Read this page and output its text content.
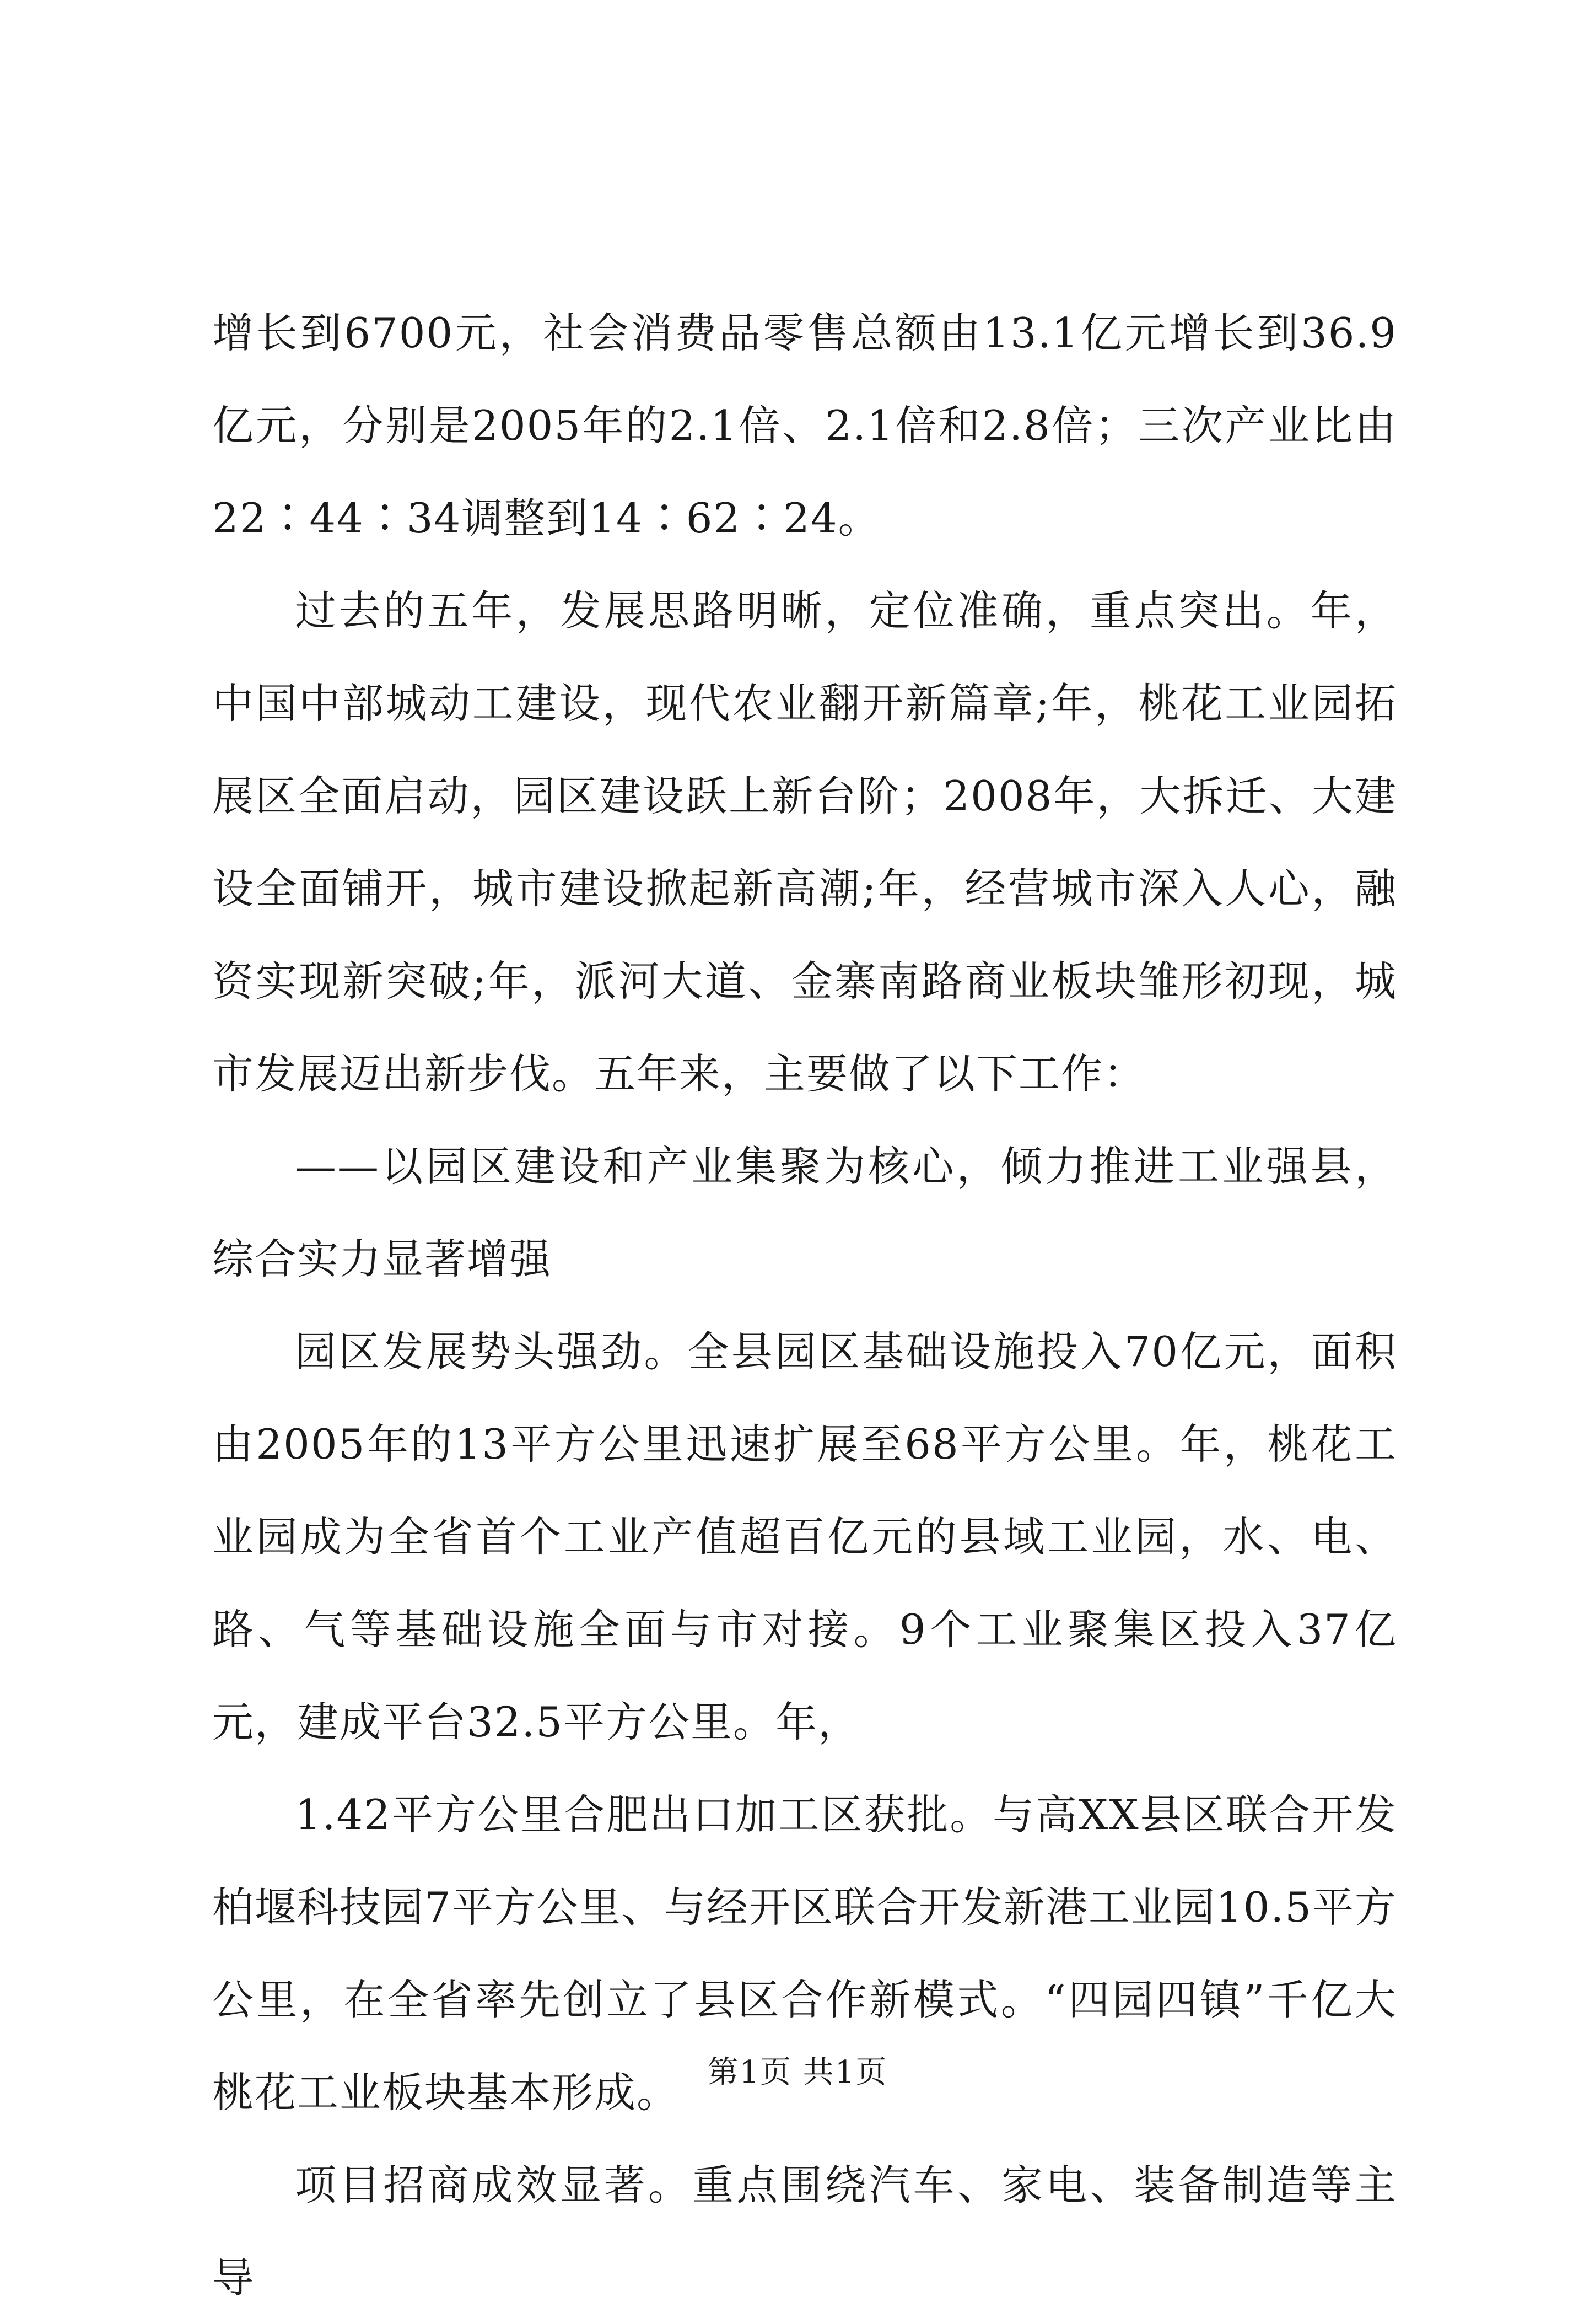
增长到6700元，社会消费品零售总额由13.1亿元增长到36.9亿元，分别是2005年的2.1倍、2.1倍和2.8倍；三次产业比由22∶44∶34调整到14∶62∶24。

过去的五年，发展思路明晰，定位准确，重点突出。年，中国中部城动工建设，现代农业翻开新篇章;年，桃花工业园拓展区全面启动，园区建设跃上新台阶；2008年，大拆迁、大建设全面铺开，城市建设掀起新高潮;年，经营城市深入人心，融资实现新突破;年，派河大道、金寨南路商业板块雏形初现，城市发展迈出新步伐。五年来，主要做了以下工作：

——以园区建设和产业集聚为核心，倾力推进工业强县，综合实力显著增强

园区发展势头强劲。全县园区基础设施投入70亿元，面积由2005年的13平方公里迅速扩展至68平方公里。年，桃花工业园成为全省首个工业产值超百亿元的县域工业园，水、电、路、气等基础设施全面与市对接。9个工业聚集区投入37亿元，建成平台32.5平方公里。年，

1.42平方公里合肥出口加工区获批。与高XX县区联合开发柏堰科技园7平方公里、与经开区联合开发新港工业园10.5平方公里，在全省率先创立了县区合作新模式。“四园四镇”千亿大桃花工业板块基本形成。

项目招商成效显著。重点围绕汽车、家电、装备制造等主导

第1页 共1页
